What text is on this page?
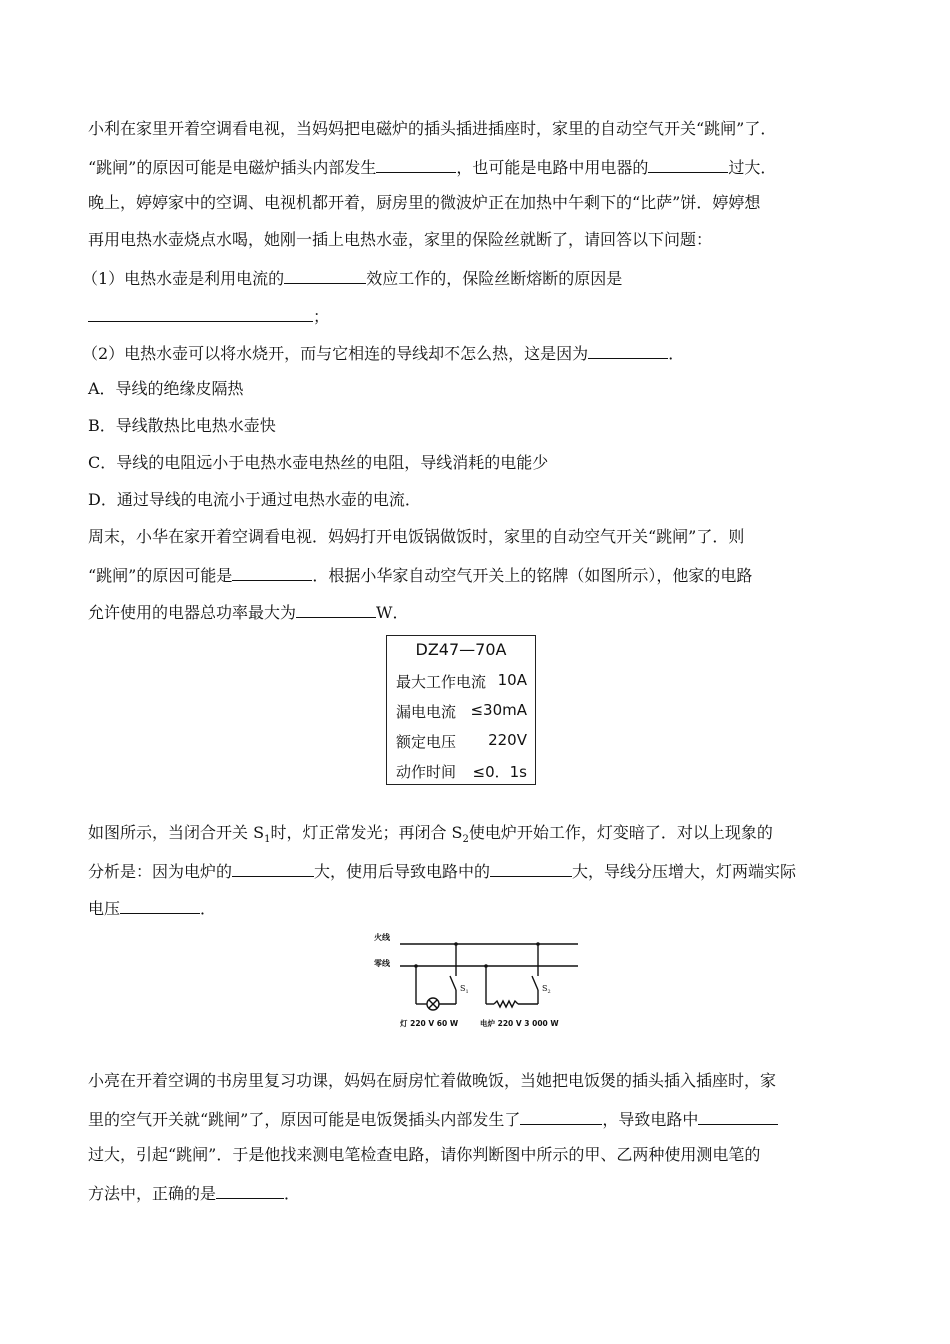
小利在家里开着空调看电视，当妈妈把电磁炉的插头插进插座时，家里的自动空气开关“跳闸”了．
“跳闸”的原因可能是电磁炉插头内部发生	，也可能是电路中用电器的	过大．
晚上，婷婷家中的空调、电视机都开着，厨房里的微波炉正在加热中午剩下的“比萨”饼．婷婷想
再用电热水壶烧点水喝，她刚一插上电热水壶，家里的保险丝就断了，请回答以下问题：
（1）电热水壶是利用电流的	效应工作的，保险丝断熔断的原因是
；
（2）电热水壶可以将水烧开，而与它相连的导线却不怎么热，这是因为	．
A．导线的绝缘皮隔热
B．导线散热比电热水壶快
C．导线的电阻远小于电热水壶电热丝的电阻，导线消耗的电能少
D．通过导线的电流小于通过电热水壶的电流．
周末，小华在家开着空调看电视．妈妈打开电饭锅做饭时，家里的自动空气开关“跳闸”了．则
“跳闸”的原因可能是	．根据小华家自动空气开关上的铭牌（如图所示），他家的电路
允许使用的电器总功率最大为	W．
DZ47—70A
最大工作电流 10A
漏电电流 ≤30mA
额定电压 220V
动作时间 ≤0．1s
如图所示，当闭合开关 $S_1$时，灯正常发光；再闭合 $S_2$使电炉开始工作，灯变暗了．对以上现象的
分析是：因为电炉的	大，使用后导致电路中的	大，导线分压增大，灯两端实际
电压	．
火线
零线
$S_1$	$S_2$
灯 220 V 60 W	电炉 220 V 3 000 W
小亮在开着空调的书房里复习功课，妈妈在厨房忙着做晚饭，当她把电饭煲的插头插入插座时，家
里的空气开关就“跳闸”了，原因可能是电饭煲插头内部发生了	，导致电路中
过大，引起“跳闸”．于是他找来测电笔检查电路，请你判断图中所示的甲、乙两种使用测电笔的
方法中，正确的是	．
